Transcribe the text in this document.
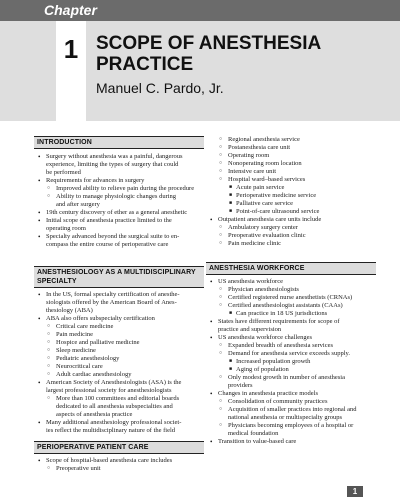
Chapter
1 SCOPE OF ANESTHESIA PRACTICE
Manuel C. Pardo, Jr.
INTRODUCTION
• Surgery without anesthesia was a painful, dangerous
experience, limiting the types of surgery that could
be performed
• Requirements for advances in surgery
○ Improved ability to relieve pain during the procedure
○ Ability to manage physiologic changes during
and after surgery
• 19th century discovery of ether as a general anesthetic
• Initial scope of anesthesia practice limited to the
operating room
• Specialty advanced beyond the surgical suite to en-
compass the entire course of perioperative care
○ Regional anesthesia service
○ Postanesthesia care unit
○ Operating room
○ Nonoperating room location
○ Intensive care unit
○ Hospital ward–based services
■ Acute pain service
■ Perioperative medicine service
■ Palliative care service
■ Point-of-care ultrasound service
• Outpatient anesthesia care units include
○ Ambulatory surgery center
○ Preoperative evaluation clinic
○ Pain medicine clinic
ANESTHESIOLOGY AS A MULTIDISCIPLINARY SPECIALTY
• In the US, formal specialty certification of anesthe-
siologists offered by the American Board of Anes-
thesiology (ABA)
• ABA also offers subspecialty certification
○ Critical care medicine
○ Pain medicine
○ Hospice and palliative medicine
○ Sleep medicine
○ Pediatric anesthesiology
○ Neurocritical care
○ Adult cardiac anesthesiology
• American Society of Anesthesiologists (ASA) is the
largest professional society for anesthesiologists
○ More than 100 committees and editorial boards
dedicated to all anesthesia subspecialties and
aspects of anesthesia practice
• Many additional anesthesiology professional societ-
ies reflect the multidisciplinary nature of the field
PERIOPERATIVE PATIENT CARE
• Scope of hospital-based anesthesia care includes
○ Preoperative unit
ANESTHESIA WORKFORCE
• US anesthesia workforce
○ Physician anesthesiologists
○ Certified registered nurse anesthetists (CRNAs)
○ Certified anesthesiologist assistants (CAAs)
■ Can practice in 18 US jurisdictions
• States have different requirements for scope of
practice and supervision
• US anesthesia workforce challenges
○ Expanded breadth of anesthesia services
○ Demand for anesthesia service exceeds supply.
■ Increased population growth
■ Aging of population
○ Only modest growth in number of anesthesia
providers
• Changes in anesthesia practice models
○ Consolidation of community practices
○ Acquisition of smaller practices into regional and
national anesthesia or multispecialty groups
○ Physicians becoming employees of a hospital or
medical foundation
• Transition to value-based care
1
